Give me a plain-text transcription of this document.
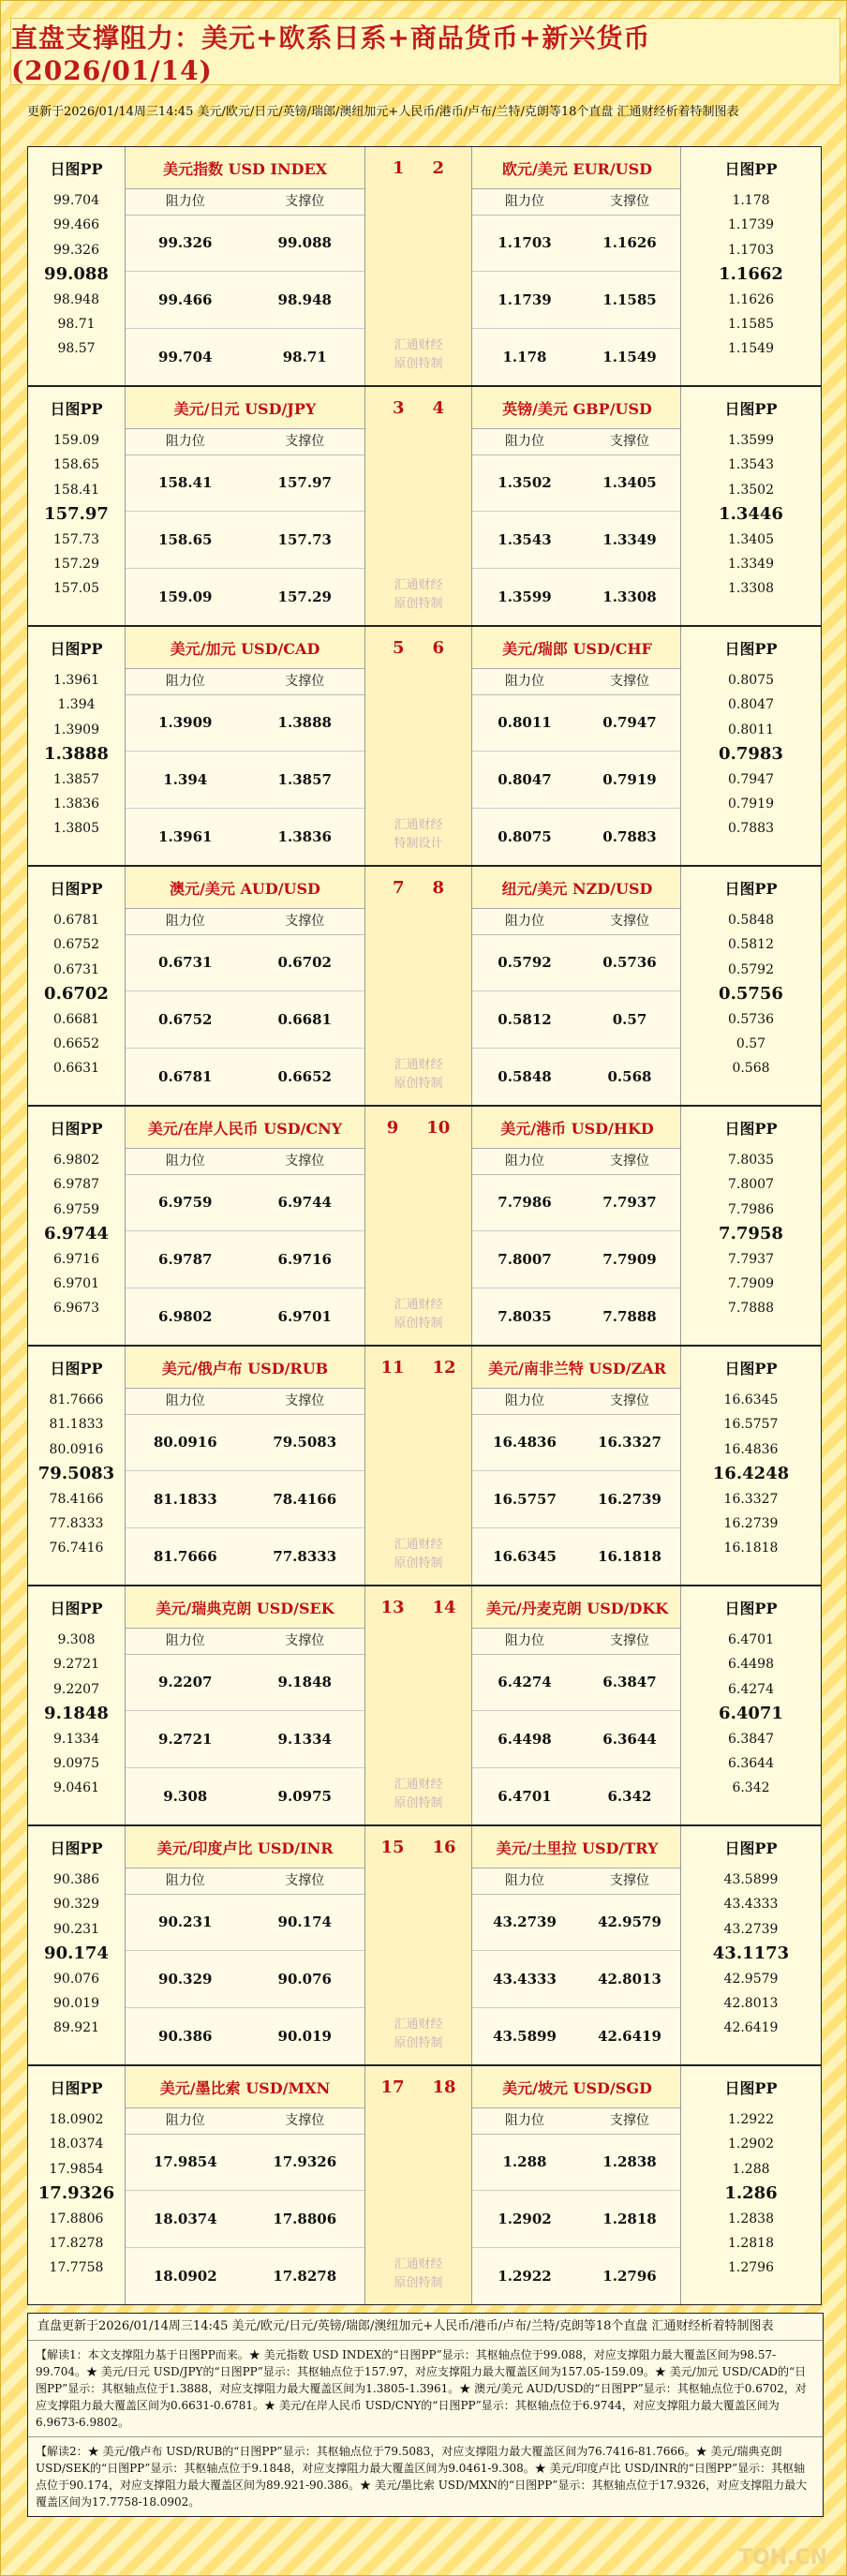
直盘支撑阻力：美元+欧系日系+商品货币+新兴货币(2026/01/14)
更新于2026/01/14周三14:45 美元/欧元/日元/英镑/瑞郎/澳纽加元+人民币/港币/卢布/兰特/克朗等18个直盘 汇通财经析着特制图表
日图PP
99.704
99.466
99.326
99.088
98.948
98.71
98.57
美元指数 USD INDEX
阻力位	支撑位
99.326	99.088
99.466	98.948
99.704	98.71
1 2
汇通财经
原创特制
欧元/美元 EUR/USD
阻力位	支撑位
1.1703	1.1626
1.1739	1.1585
1.178	1.1549
日图PP
1.178
1.1739
1.1703
1.1662
1.1626
1.1585
1.1549
日图PP
159.09
158.65
158.41
157.97
157.73
157.29
157.05
美元/日元 USD/JPY
阻力位	支撑位
158.41	157.97
158.65	157.73
159.09	157.29
3 4
汇通财经
原创特制
英镑/美元 GBP/USD
阻力位	支撑位
1.3502	1.3405
1.3543	1.3349
1.3599	1.3308
日图PP
1.3599
1.3543
1.3502
1.3446
1.3405
1.3349
1.3308
日图PP
1.3961
1.394
1.3909
1.3888
1.3857
1.3836
1.3805
美元/加元 USD/CAD
阻力位	支撑位
1.3909	1.3888
1.394	1.3857
1.3961	1.3836
5 6
汇通财经
特制设计
美元/瑞郎 USD/CHF
阻力位	支撑位
0.8011	0.7947
0.8047	0.7919
0.8075	0.7883
日图PP
0.8075
0.8047
0.8011
0.7983
0.7947
0.7919
0.7883
日图PP
0.6781
0.6752
0.6731
0.6702
0.6681
0.6652
0.6631
澳元/美元 AUD/USD
阻力位	支撑位
0.6731	0.6702
0.6752	0.6681
0.6781	0.6652
7 8
汇通财经
原创特制
纽元/美元 NZD/USD
阻力位	支撑位
0.5792	0.5736
0.5812	0.57
0.5848	0.568
日图PP
0.5848
0.5812
0.5792
0.5756
0.5736
0.57
0.568
日图PP
6.9802
6.9787
6.9759
6.9744
6.9716
6.9701
6.9673
美元/在岸人民币 USD/CNY
阻力位	支撑位
6.9759	6.9744
6.9787	6.9716
6.9802	6.9701
9 10
汇通财经
原创特制
美元/港币 USD/HKD
阻力位	支撑位
7.7986	7.7937
7.8007	7.7909
7.8035	7.7888
日图PP
7.8035
7.8007
7.7986
7.7958
7.7937
7.7909
7.7888
日图PP
81.7666
81.1833
80.0916
79.5083
78.4166
77.8333
76.7416
美元/俄卢布 USD/RUB
阻力位	支撑位
80.0916	79.5083
81.1833	78.4166
81.7666	77.8333
11 12
汇通财经
原创特制
美元/南非兰特 USD/ZAR
阻力位	支撑位
16.4836	16.3327
16.5757	16.2739
16.6345	16.1818
日图PP
16.6345
16.5757
16.4836
16.4248
16.3327
16.2739
16.1818
日图PP
9.308
9.2721
9.2207
9.1848
9.1334
9.0975
9.0461
美元/瑞典克朗 USD/SEK
阻力位	支撑位
9.2207	9.1848
9.2721	9.1334
9.308	9.0975
13 14
汇通财经
原创特制
美元/丹麦克朗 USD/DKK
阻力位	支撑位
6.4274	6.3847
6.4498	6.3644
6.4701	6.342
日图PP
6.4701
6.4498
6.4274
6.4071
6.3847
6.3644
6.342
日图PP
90.386
90.329
90.231
90.174
90.076
90.019
89.921
美元/印度卢比 USD/INR
阻力位	支撑位
90.231	90.174
90.329	90.076
90.386	90.019
15 16
汇通财经
原创特制
美元/土里拉 USD/TRY
阻力位	支撑位
43.2739	42.9579
43.4333	42.8013
43.5899	42.6419
日图PP
43.5899
43.4333
43.2739
43.1173
42.9579
42.8013
42.6419
日图PP
18.0902
18.0374
17.9854
17.9326
17.8806
17.8278
17.7758
美元/墨比索 USD/MXN
阻力位	支撑位
17.9854	17.9326
18.0374	17.8806
18.0902	17.8278
17 18
汇通财经
原创特制
美元/坡元 USD/SGD
阻力位	支撑位
1.288	1.2838
1.2902	1.2818
1.2922	1.2796
日图PP
1.2922
1.2902
1.288
1.286
1.2838
1.2818
1.2796
直盘更新于2026/01/14周三14:45 美元/欧元/日元/英镑/瑞郎/澳纽加元+人民币/港币/卢布/兰特/克朗等18个直盘 汇通财经析着特制图表
【解读1：本文支撑阻力基于日图PP而来。★ 美元指数 USD INDEX的“日图PP”显示：其枢轴点位于99.088，对应支撑阻力最大覆盖区间为98.57-99.704。★ 美元/日元 USD/JPY的“日图PP”显示：其枢轴点位于157.97，对应支撑阻力最大覆盖区间为157.05-159.09。★ 美元/加元 USD/CAD的“日图PP”显示：其枢轴点位于1.3888，对应支撑阻力最大覆盖区间为1.3805-1.3961。★ 澳元/美元 AUD/USD的“日图PP”显示：其枢轴点位于0.6702，对应支撑阻力最大覆盖区间为0.6631-0.6781。★ 美元/在岸人民币 USD/CNY的“日图PP”显示：其枢轴点位于6.9744，对应支撑阻力最大覆盖区间为6.9673-6.9802。
【解读2：★ 美元/俄卢布 USD/RUB的“日图PP”显示：其枢轴点位于79.5083，对应支撑阻力最大覆盖区间为76.7416-81.7666。★ 美元/瑞典克朗 USD/SEK的“日图PP”显示：其枢轴点位于9.1848，对应支撑阻力最大覆盖区间为9.0461-9.308。★ 美元/印度卢比 USD/INR的“日图PP”显示：其枢轴点位于90.174，对应支撑阻力最大覆盖区间为89.921-90.386。★ 美元/墨比索 USD/MXN的“日图PP”显示：其枢轴点位于17.9326，对应支撑阻力最大覆盖区间为17.7758-18.0902。
TQH.CN
